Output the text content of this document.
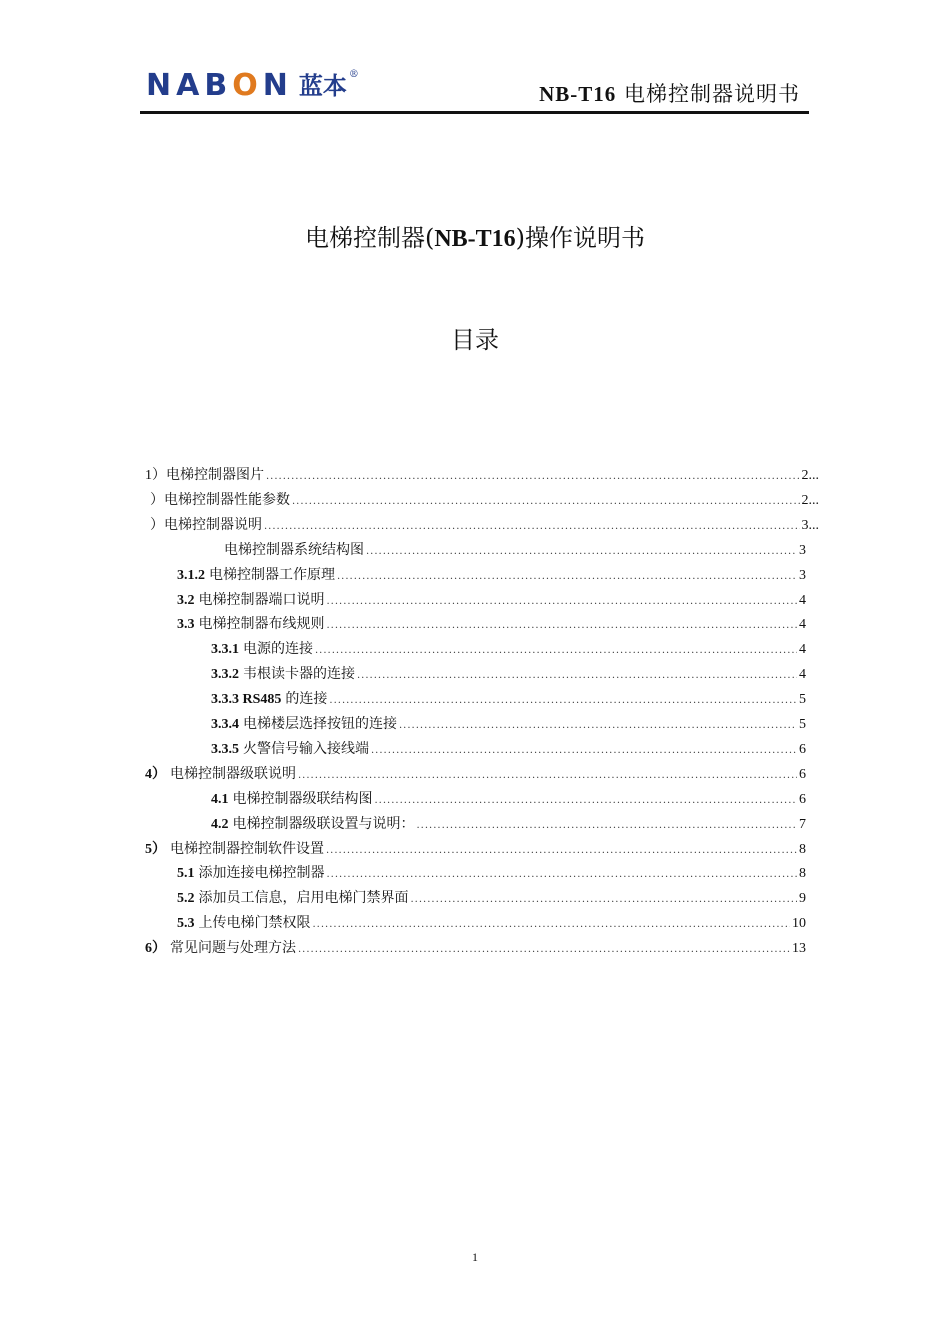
NABON 蓝本 ®
NB-T16 电梯控制器说明书
电梯控制器(NB-T16)操作说明书
目录
1） 电梯控制器图片 .....	2...
） 电梯控制器性能参数 .....	2...
） 电梯控制器说明 .....	3...
电梯控制器系统结构图 .....	3
3.1.2 电梯控制器工作原理 .....	3
3.2 电梯控制器端口说明 .....	4
3.3 电梯控制器布线规则 .....	4
3.3.1 电源的连接 .....	4
3.3.2 韦根读卡器的连接 .....	4
3.3.3 RS485 的连接 .....	5
3.3.4 电梯楼层选择按钮的连接 .....	5
3.3.5 火警信号输入接线端 .....	6
4） 电梯控制器级联说明 .....	6
4.1 电梯控制器级联结构图 .....	6
4.2 电梯控制器级联设置与说明： .....	7
5） 电梯控制器控制软件设置 .....	8
5.1 添加连接电梯控制器 .....	8
5.2 添加员工信息，启用电梯门禁界面 .....	9
5.3 上传电梯门禁权限 .....	10
6） 常见问题与处理方法 .....	13
1
